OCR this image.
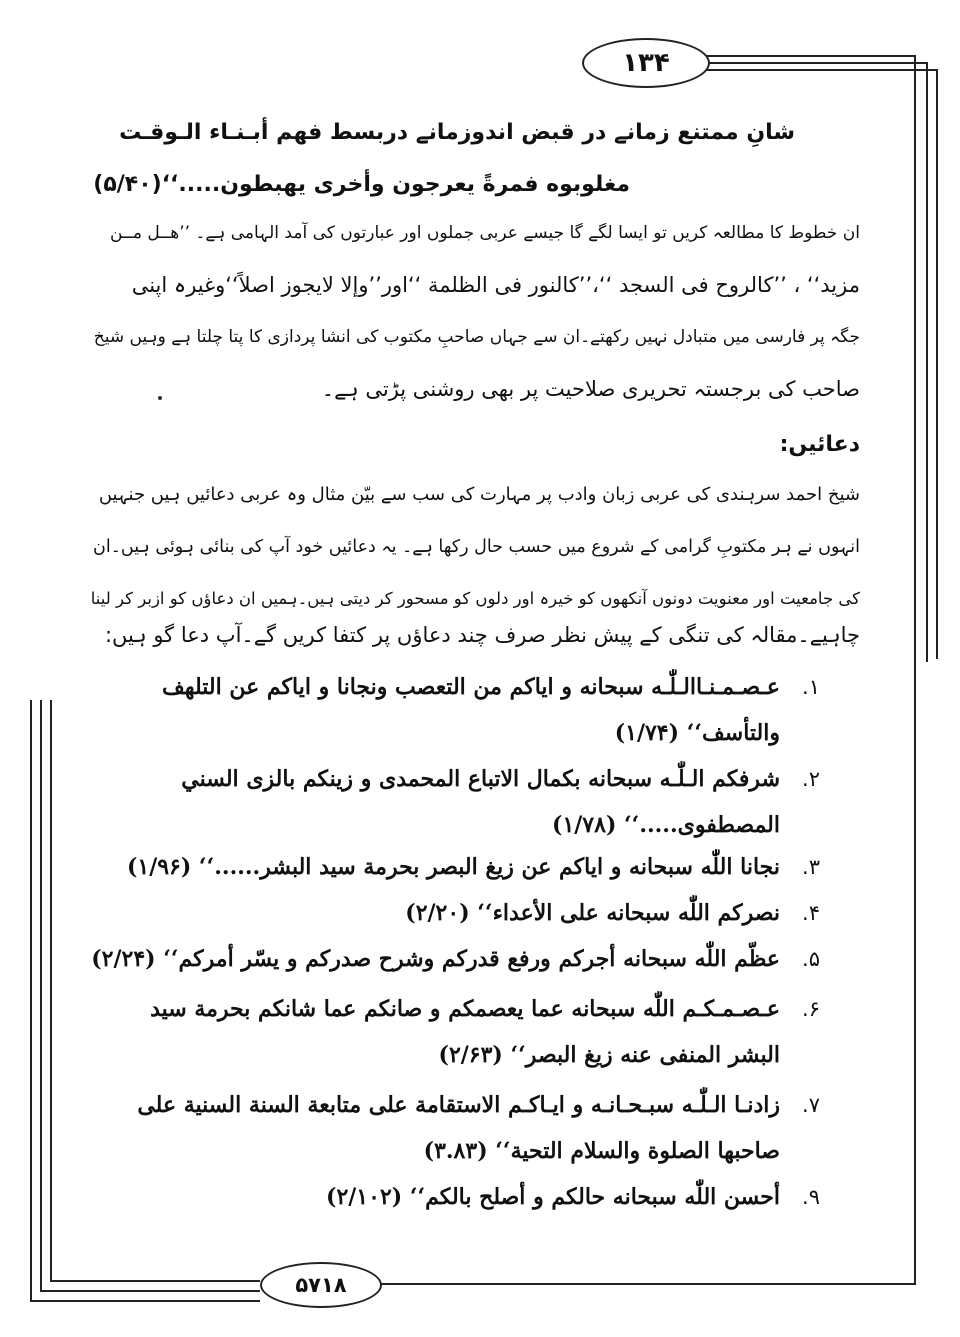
۱۳۴
۵۷۱۸
شانِ ممتنع زمانے در قبض اندوزمانے دربسط فهم أبـنـاء الـوقـت
مغلوبوه فمرةً يعرجون وأخرى يهبطون.....‘‘(۵/۴۰)
ان خطوط کا مطالعہ کریں تو ایسا لگے گا جیسے عربی جملوں اور عبارتوں کی آمد الہامی ہے۔ ’’هــل مــن
مزید‘‘ ، ’’کالروح فی السجد ‘‘،’’کالنور فی الظلمة ‘‘اور’’وإلا لایجوز اصلاً‘‘وغیرہ اپنی
جگہ پر فارسی میں متبادل نہیں رکھتے۔ان سے جہاں صاحبِ مکتوب کی انشا پردازی کا پتا چلتا ہے وہیں شیخ
صاحب کی برجستہ تحریری صلاحیت پر بھی روشنی پڑتی ہے۔
دعائیں:
شیخ احمد سرہندی کی عربی زبان وادب پر مہارت کی سب سے بیّن مثال وہ عربی دعائیں ہیں جنہیں
انہوں نے ہر مکتوبِ گرامی کے شروع میں حسب حال رکھا ہے۔ یہ دعائیں خود آپ کی بنائی ہوئی ہیں۔ان
کی جامعیت اور معنویت دونوں آنکھوں کو خیرہ اور دلوں کو مسحور کر دیتی ہیں۔ہمیں ان دعاؤں کو ازبر کر لینا
چاہیے۔مقالہ کی تنگی کے پیش نظر صرف چند دعاؤں پر کتفا کریں گے۔آپ دعا گو ہیں:
۱.
عـصـمـنـاالـلّٰـه سبحانه و ایاکم من التعصب ونجانا و ایاکم عن التلهف
والتأسف‘‘ (۱/۷۴)
۲.
شرفكم الـلّٰـه سبحانه بكمال الاتباع المحمدى و زینكم بالزى السني
المصطفوى.....‘‘ (۱/۷۸)
۳.
نجانا اللّٰه سبحانه و ایاكم عن زیغ البصر بحرمة سید البشر......‘‘ (۱/۹۶)
۴.
نصركم اللّٰه سبحانه على الأعداء‘‘ (۲/۲۰)
۵.
عظّم اللّٰه سبحانه أجركم ورفع قدركم وشرح صدركم و یسّر أمركم‘‘ (۲/۲۴)
۶.
عـصـمـكـم اللّٰه سبحانه عما یعصمكم و صانكم عما شانكم بحرمة سيد
البشر المنفى عنه زیغ البصر‘‘ (۲/۶۳)
۷.
زادنـا الـلّٰـه سبـحـانـه و ایـاكـم الاستقامة على متابعة السنة السنية على
صاحبها الصلوة والسلام التحية‘‘ (۳.۸۳)
۹.
أحسن اللّٰه سبحانه حالكم و أصلح بالكم‘‘ (۲/۱۰۲)
